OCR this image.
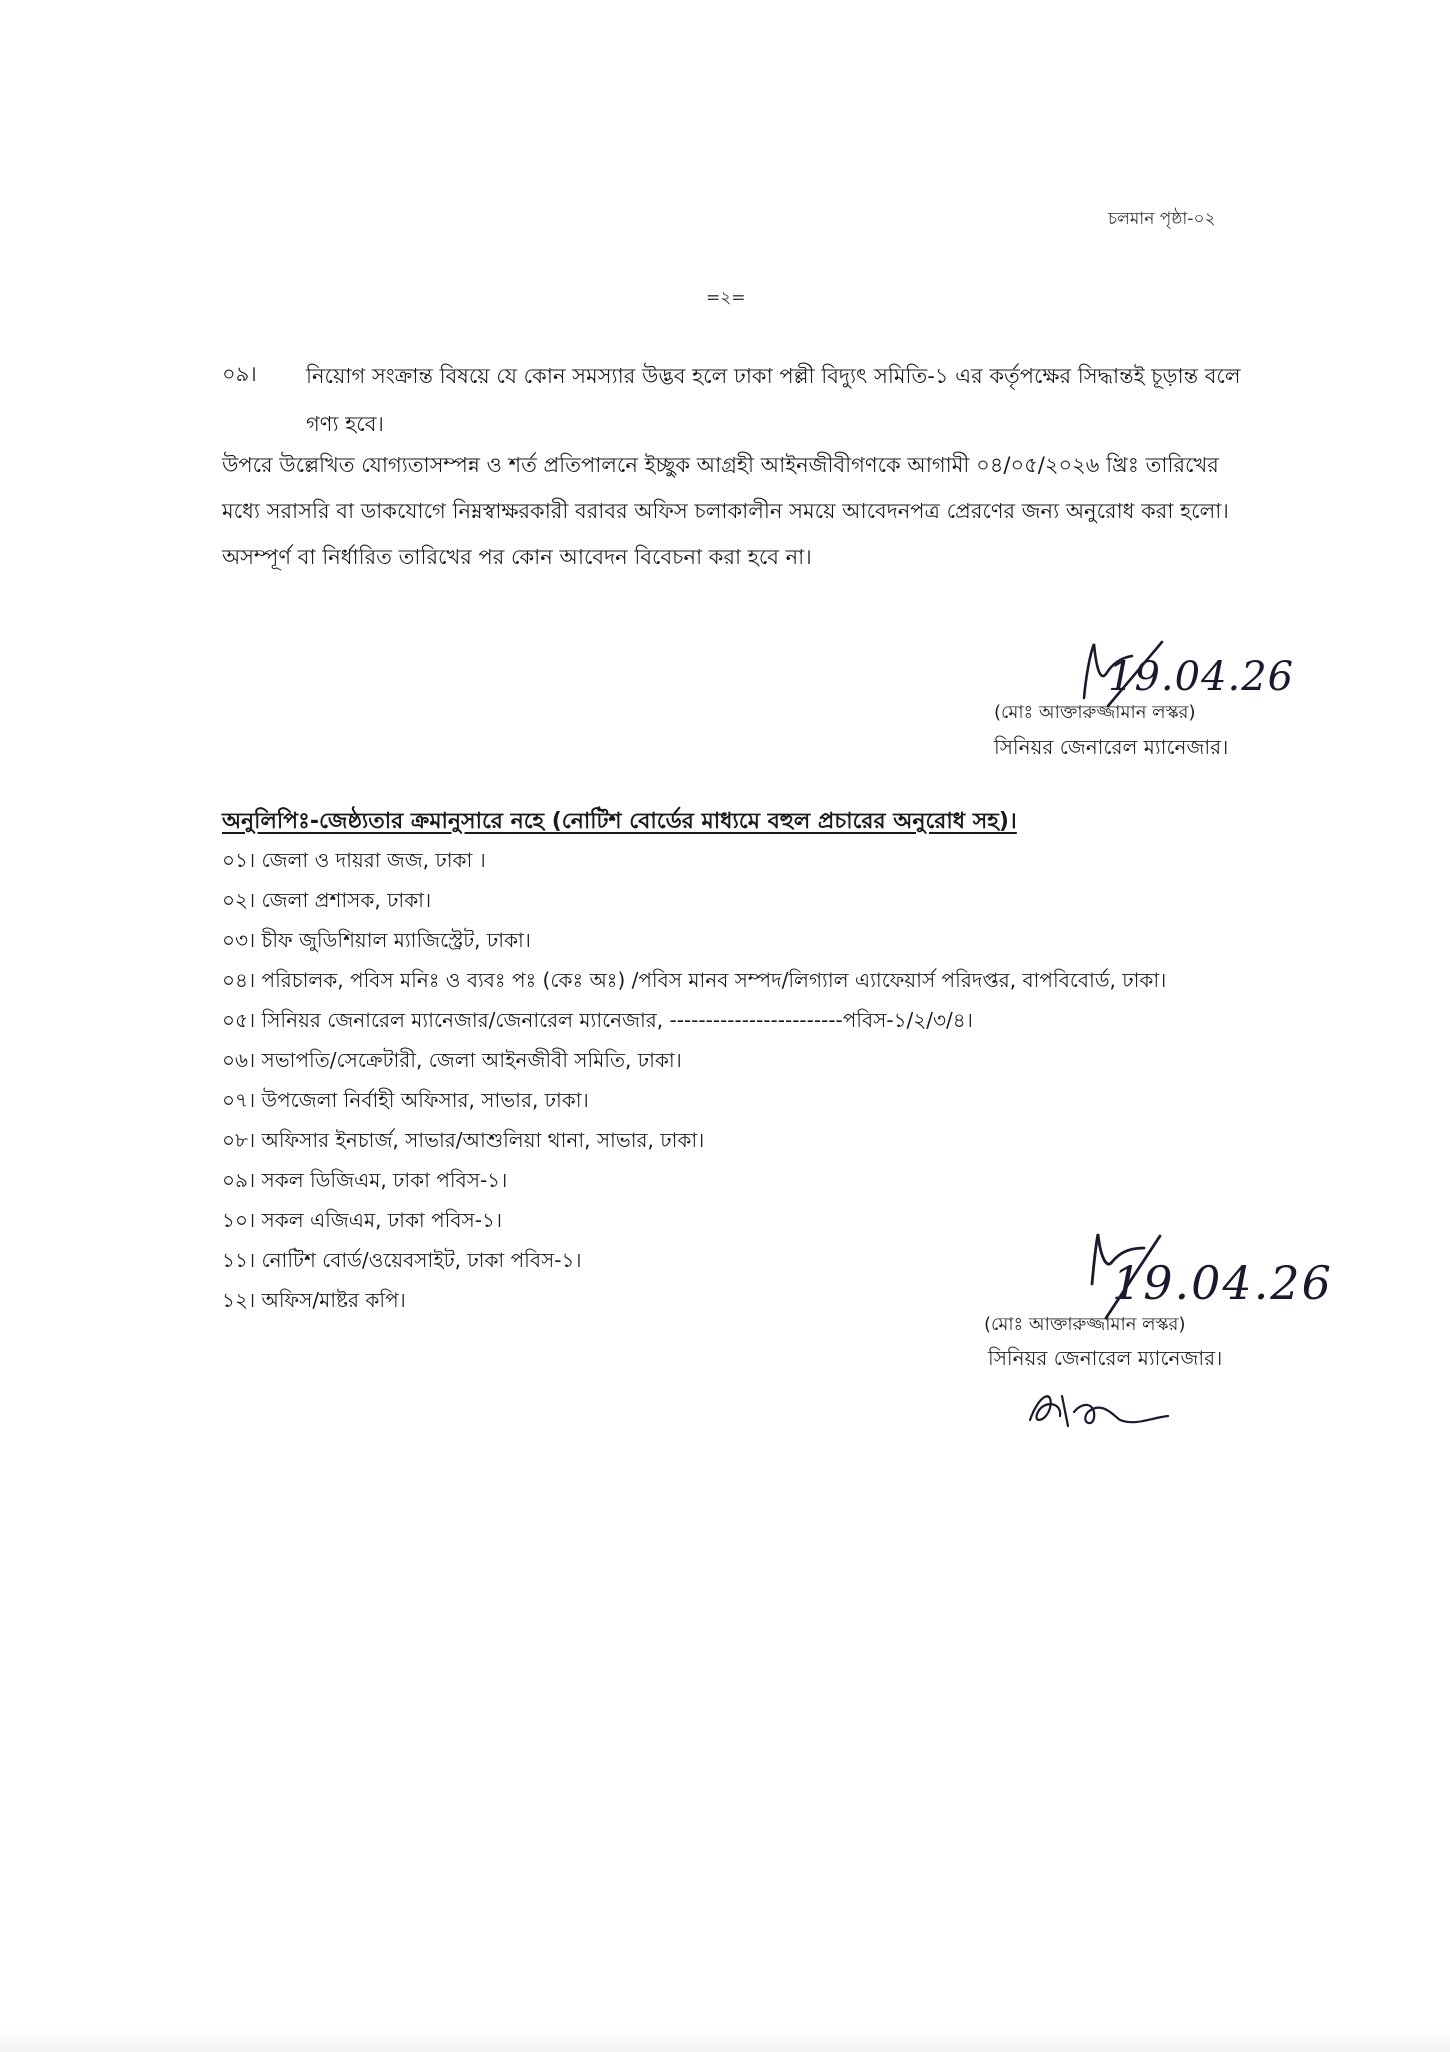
চলমান পৃষ্ঠা-০২
=২=
০৯। নিয়োগ সংক্রান্ত বিষয়ে যে কোন সমস্যার উদ্ভব হলে ঢাকা পল্লী বিদ্যুৎ সমিতি-১ এর কর্তৃপক্ষের সিদ্ধান্তই চূড়ান্ত বলে গণ্য হবে।
উপরে উল্লেখিত যোগ্যতাসম্পন্ন ও শর্ত প্রতিপালনে ইচ্ছুক আগ্রহী আইনজীবীগণকে আগামী ০৪/০৫/২০২৬ খ্রিঃ তারিখের মধ্যে সরাসরি বা ডাকযোগে নিম্নস্বাক্ষরকারী বরাবর অফিস চলাকালীন সময়ে আবেদনপত্র প্রেরণের জন্য অনুরোধ করা হলো। অসম্পূর্ণ বা নির্ধারিত তারিখের পর কোন আবেদন বিবেচনা করা হবে না।
19.04.26
(মোঃ আক্তারুজ্জামান লস্কর)
সিনিয়র জেনারেল ম্যানেজার।
অনুলিপিঃ-জেষ্ঠ্যতার ক্রমানুসারে নহে (নোটিশ বোর্ডের মাধ্যমে বহুল প্রচারের অনুরোধ সহ)।
০১। জেলা ও দায়রা জজ, ঢাকা ।
০২। জেলা প্রশাসক, ঢাকা।
০৩। চীফ জুডিশিয়াল ম্যাজিস্ট্রেট, ঢাকা।
০৪। পরিচালক, পবিস মনিঃ ও ব্যবঃ পঃ (কেঃ অঃ) /পবিস মানব সম্পদ/লিগ্যাল এ্যাফেয়ার্স পরিদপ্তর, বাপবিবোর্ড, ঢাকা।
০৫। সিনিয়র জেনারেল ম্যানেজার/জেনারেল ম্যানেজার, ------------------------পবিস-১/২/৩/৪।
০৬। সভাপতি/সেক্রেটারী, জেলা আইনজীবী সমিতি, ঢাকা।
০৭। উপজেলা নির্বাহী অফিসার, সাভার, ঢাকা।
০৮। অফিসার ইনচার্জ, সাভার/আশুলিয়া থানা, সাভার, ঢাকা।
০৯। সকল ডিজিএম, ঢাকা পবিস-১।
১০। সকল এজিএম, ঢাকা পবিস-১।
১১। নোটিশ বোর্ড/ওয়েবসাইট, ঢাকা পবিস-১।
১২। অফিস/মাষ্টর কপি।	19.04.26
(মোঃ আক্তারুজ্জামান লস্কর)
সিনিয়র জেনারেল ম্যানেজার।
